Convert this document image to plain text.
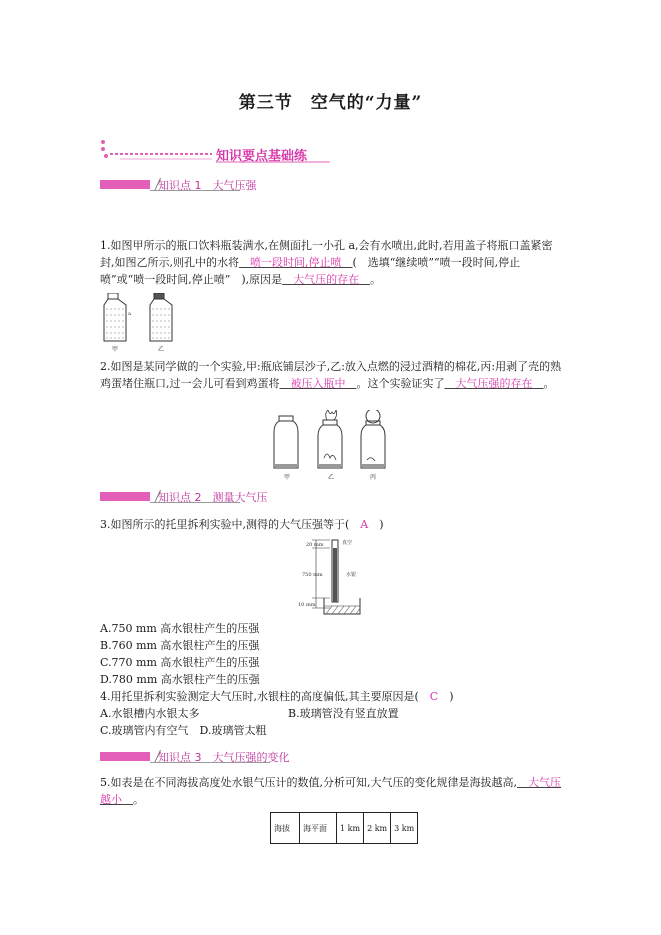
第三节　空气的“力量”
知识要点基础练
知识点 1　大气压强
1.如图甲所示的瓶口饮料瓶装满水,在侧面扎一小孔 a,会有水喷出,此时,若用盖子将瓶口盖紧密封,如图乙所示,则孔中的水将　喷一段时间,停止喷　(　选填“继续喷”“喷一段时间,停止喷”或“喷一段时间,停止喷”　),原因是　大气压的存在　。
a
甲	乙
2.如图是某同学做的一个实验,甲:瓶底铺层沙子,乙:放入点燃的浸过酒精的棉花,丙:用剥了壳的熟鸡蛋堵住瓶口,过一会儿可看到鸡蛋将　被压入瓶中　。这个实验证实了　大气压强的存在　。
甲	乙	丙
知识点 2　测量大气压
3.如图所示的托里拆利实验中,测得的大气压强等于(　A　)
20 mm
750 mm
10 mm
真空
水银
A.750 mm 高水银柱产生的压强
B.760 mm 高水银柱产生的压强
C.770 mm 高水银柱产生的压强
D.780 mm 高水银柱产生的压强
4.用托里拆利实验测定大气压时,水银柱的高度偏低,其主要原因是(　C　)
A.水银槽内水银太多	B.玻璃管没有竖直放置
C.玻璃管内有空气　D.玻璃管太粗
知识点 3　大气压强的变化
5.如表是在不同海拔高度处水银气压计的数值,分析可知,大气压的变化规律是海拔越高,　大气压越小　。
海拔	海平面	1 km	2 km	3 km
